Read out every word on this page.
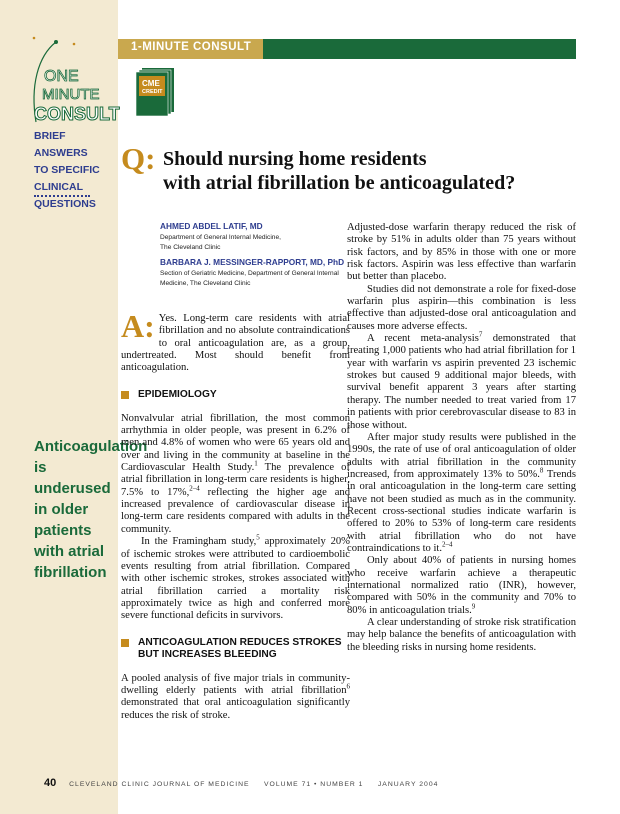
1-MINUTE CONSULT
ONE
MINUTE
CONSULT
CME
CREDIT
BRIEF ANSWERS
TO SPECIFIC
CLINICAL
QUESTIONS
Anticoagulation
is underused
in older
patients
with atrial
fibrillation
Q: Should nursing home residents
with atrial fibrillation be anticoagulated?
AHMED ABDEL LATIF, MD
Department of General Internal Medicine,
The Cleveland Clinic
BARBARA J. MESSINGER-RAPPORT, MD, PhD
Section of Geriatric Medicine, Department of General Internal
Medicine, The Cleveland Clinic

A: Yes. Long-term care residents with atrial fibrillation and no absolute contraindications to oral anticoagulation are, as a group, undertreated. Most should benefit from anticoagulation.

EPIDEMIOLOGY

Nonvalvular atrial fibrillation, the most common arrhythmia in older people, was present in 6.2% of men and 4.8% of women who were 65 years old and over and living in the community at baseline in the Cardiovascular Health Study.$^1$ The prevalence of atrial fibrillation in long-term care residents is higher, 7.5% to 17%,$^{2-4}$ reflecting the higher age and increased prevalence of cardiovascular disease in long-term care residents compared with adults in the community.

In the Framingham study,$^5$ approximately 20% of ischemic strokes were attributed to cardioembolic events resulting from atrial fibrillation. Compared with other ischemic strokes, strokes associated with atrial fibrillation carried a mortality risk approximately twice as high and conferred more severe functional deficits in survivors.

ANTICOAGULATION REDUCES STROKES
BUT INCREASES BLEEDING

A pooled analysis of five major trials in community-dwelling elderly patients with atrial fibrillation$^6$ demonstrated that oral anticoagulation significantly reduces the risk of stroke.

Adjusted-dose warfarin therapy reduced the risk of stroke by 51% in adults older than 75 years without risk factors, and by 85% in those with one or more risk factors. Aspirin was less effective than warfarin but better than placebo.

Studies did not demonstrate a role for fixed-dose warfarin plus aspirin—this combination is less effective than adjusted-dose oral anticoagulation and causes more adverse effects.

A recent meta-analysis$^7$ demonstrated that treating 1,000 patients who had atrial fibrillation for 1 year with warfarin vs aspirin prevented 23 ischemic strokes but caused 9 additional major bleeds, with survival benefit apparent 3 years after starting therapy. The number needed to treat varied from 17 in patients with prior cerebrovascular disease to 83 in those without.

After major study results were published in the 1990s, the rate of use of oral anticoagulation of older adults with atrial fibrillation in the community increased, from approximately 13% to 50%.$^8$ Trends in oral anticoagulation in the long-term care setting have not been studied as much as in the community. Recent cross-sectional studies indicate warfarin is offered to 20% to 53% of long-term care residents with atrial fibrillation who do not have contraindications to it.$^{2-4}$

Only about 40% of patients in nursing homes who receive warfarin achieve a therapeutic international normalized ratio (INR), however, compared with 50% in the community and 70% to 80% in anticoagulation trials.$^9$

A clear understanding of stroke risk stratification may help balance the benefits of anticoagulation with the bleeding risks in nursing home residents.

40 CLEVELAND CLINIC JOURNAL OF MEDICINE VOLUME 71 • NUMBER 1 JANUARY 2004
